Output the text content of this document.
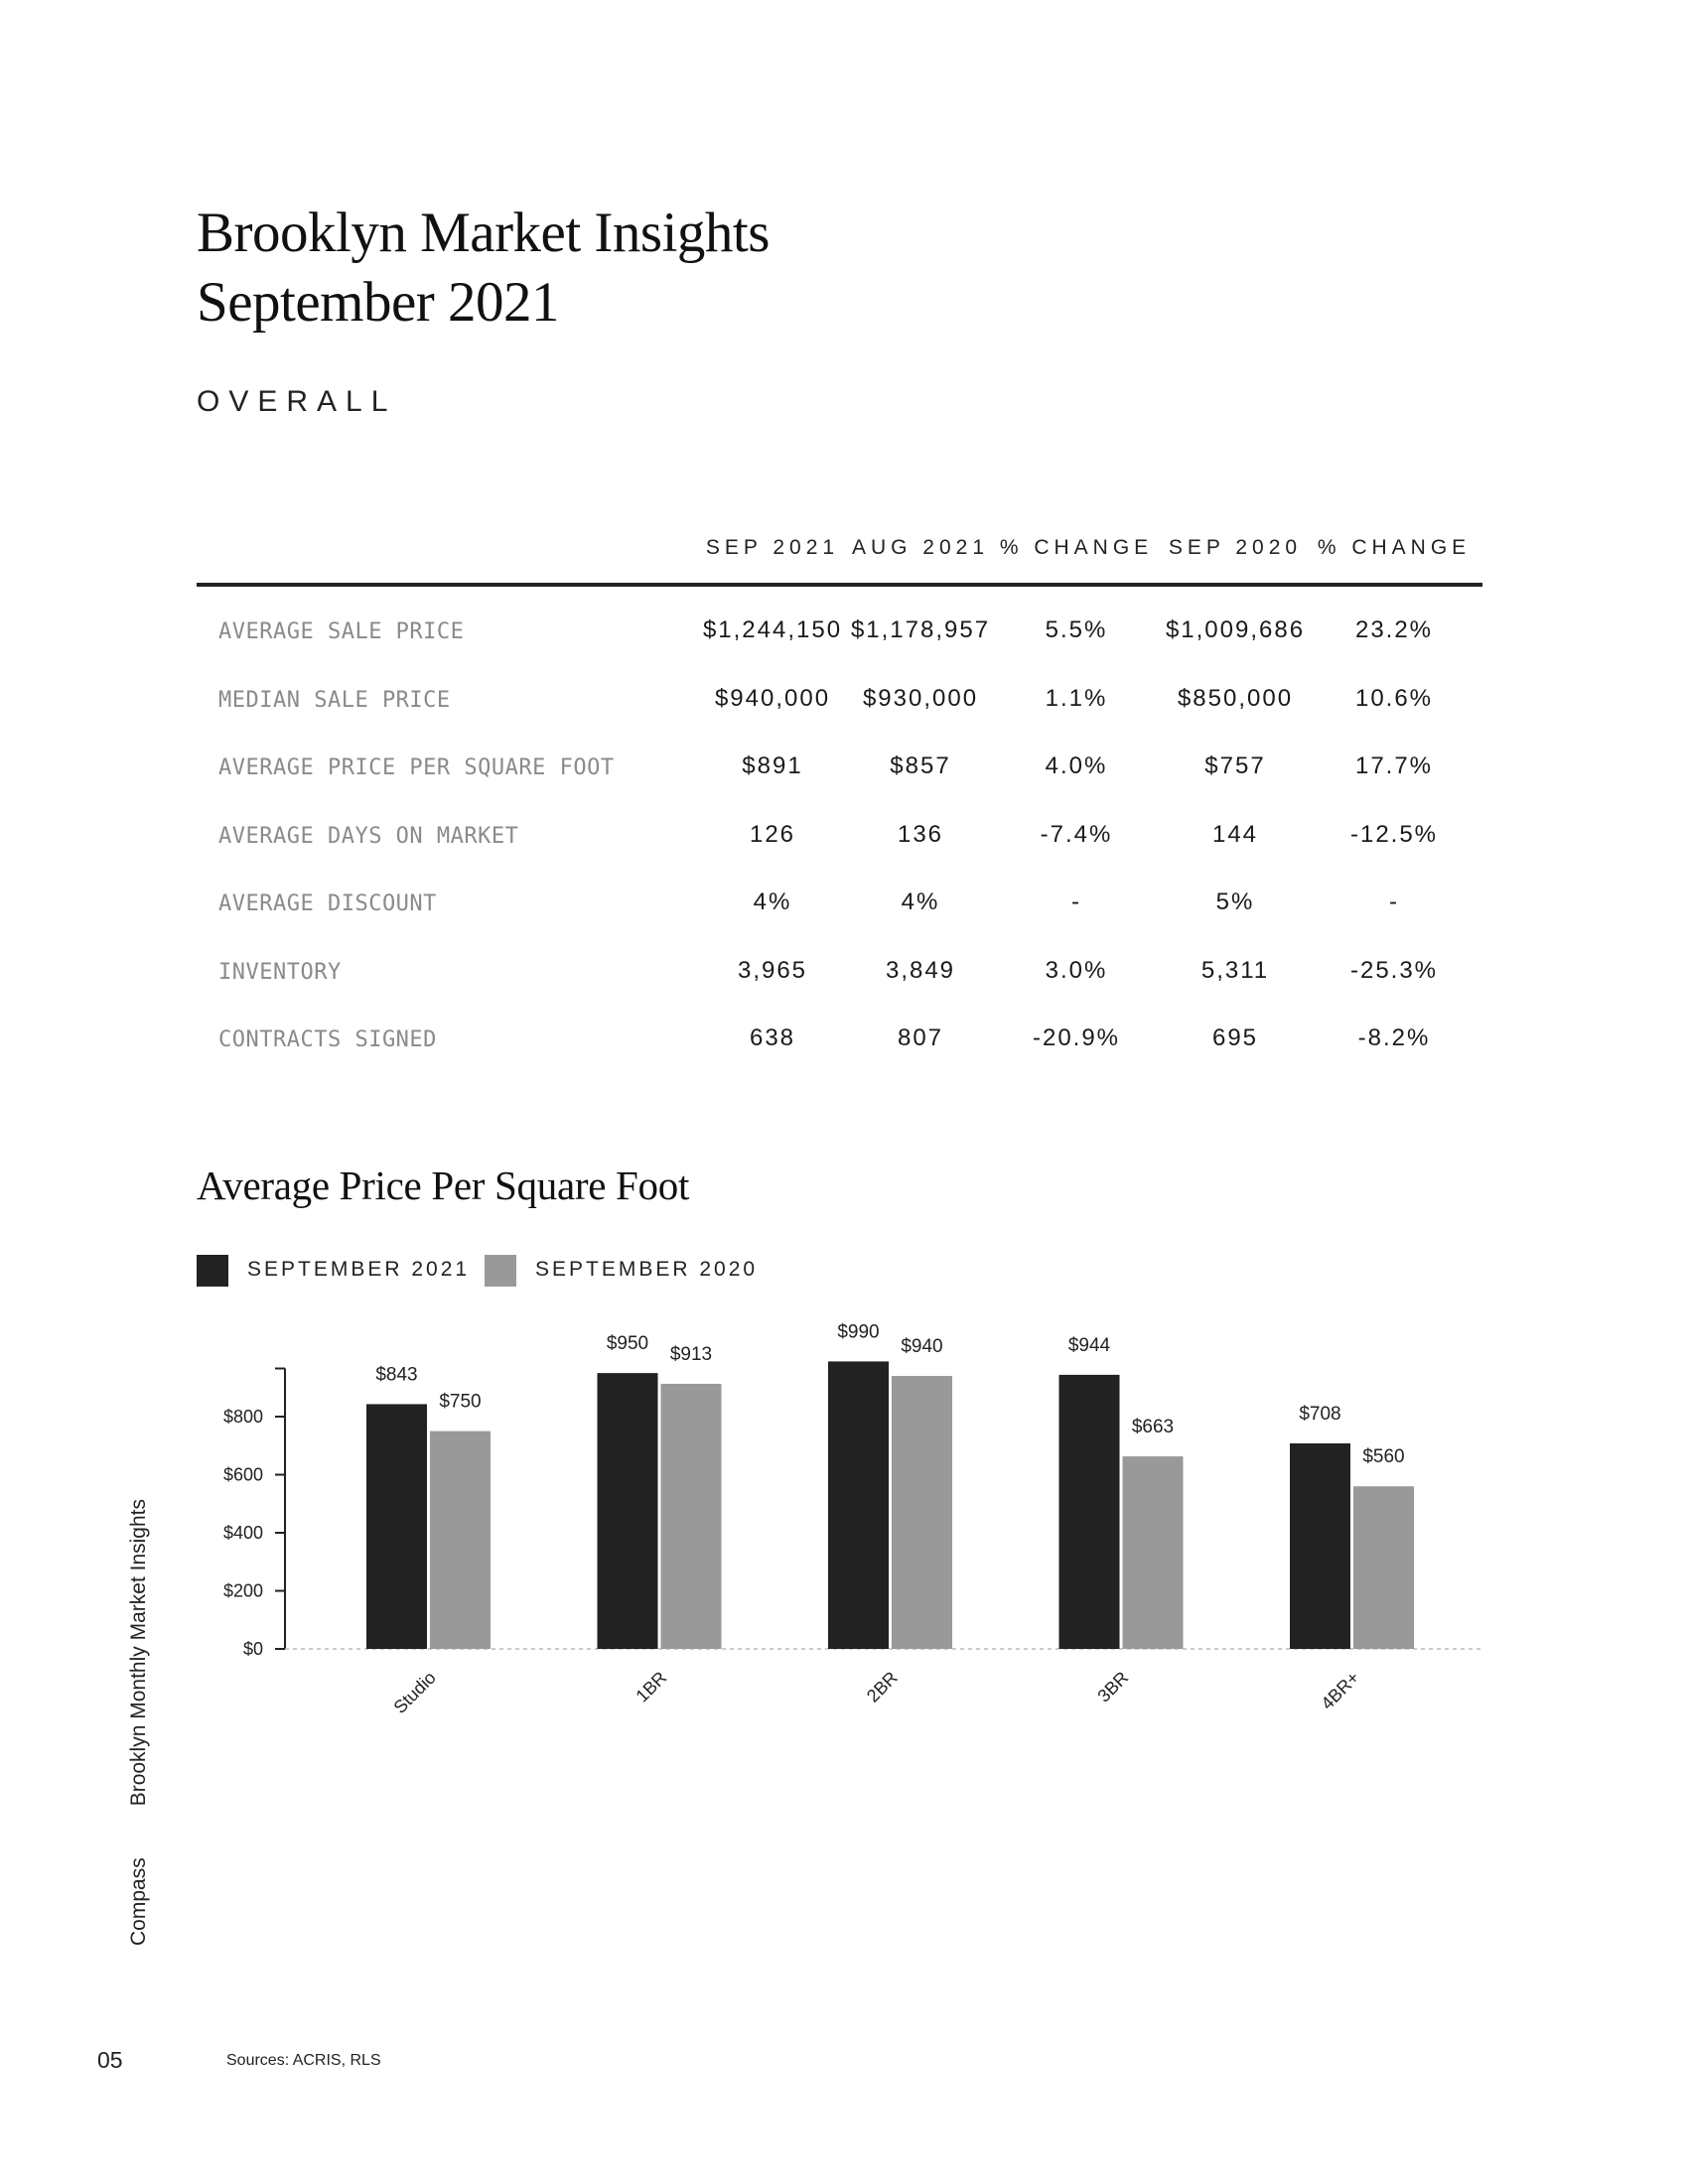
Brooklyn Market Insights
September 2021
OVERALL
SEP 2021 AUG 2021 % CHANGE SEP 2020 % CHANGE
AVERAGE SALE PRICE	$1,244,150 $1,178,957 5.5% $1,009,686 23.2%
MEDIAN SALE PRICE	$940,000 $930,000	1.1%	$850,000	10.6%
AVERAGE PRICE PER SQUARE FOOT	$891	$857	4.0%	$757	17.7%
AVERAGE DAYS ON MARKET	126	136	-7.4%	144	-12.5%
AVERAGE DISCOUNT	4%	4%	-	5%	-
INVENTORY	3,965	3,849	3.0%	5,311	-25.3%
CONTRACTS SIGNED	638	807	-20.9%	695	-8.2%
Average Price Per Square Foot
SEPTEMBER 2021	SEPTEMBER 2020
$0
$200
$400
$600
$800
$843
$750
Studio
$950
$913
1BR
$990
$940
2BR
$944
$663
3BR
$708
$560
4BR+
CompassBrooklyn Monthly Market Insights
05	Sources: ACRIS, RLS
